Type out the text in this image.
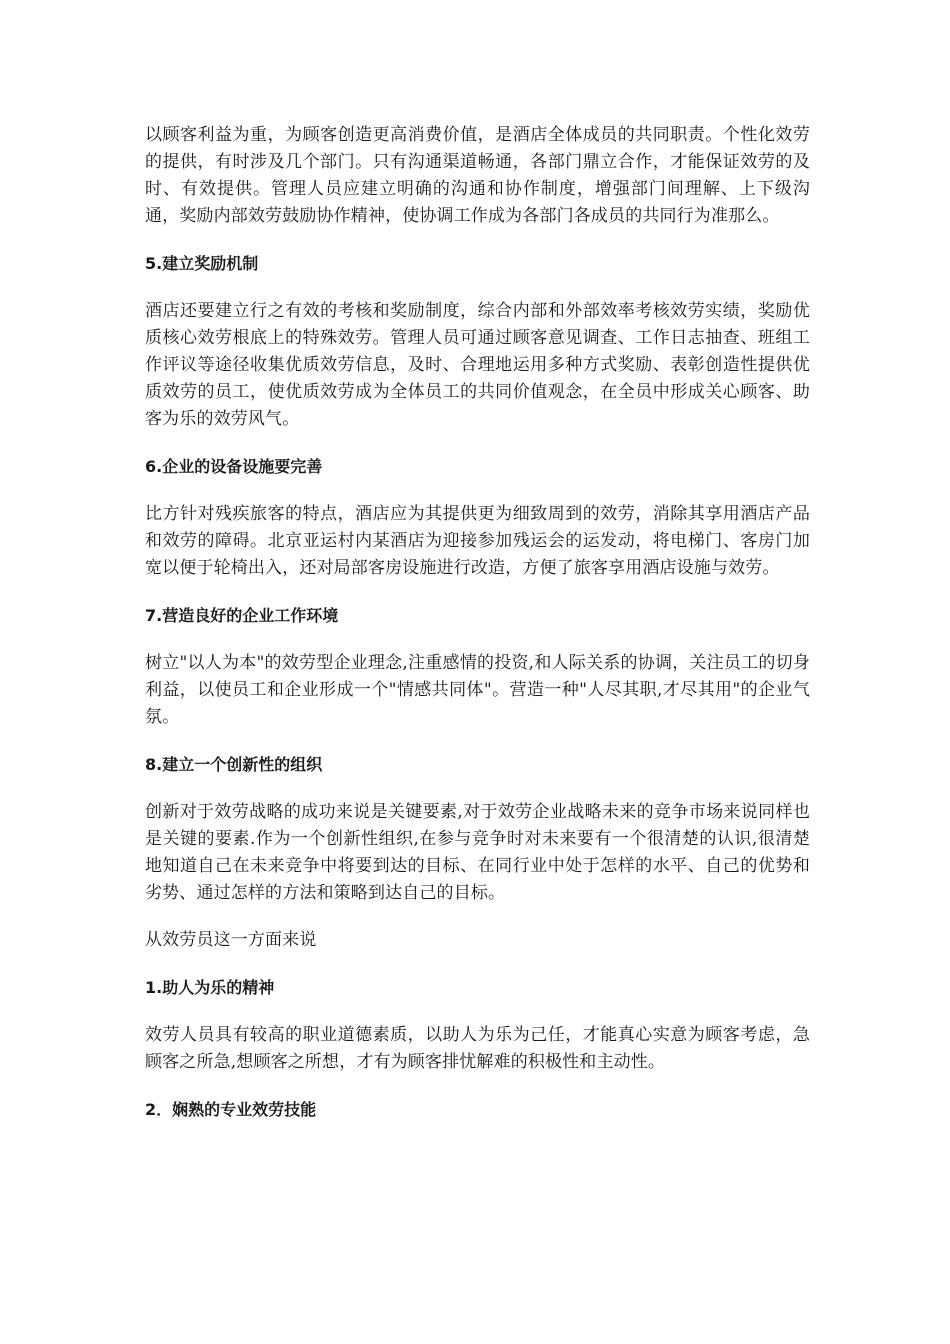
以顾客利益为重，为顾客创造更高消费价值，是酒店全体成员的共同职责。个性化效劳的提供，有时涉及几个部门。只有沟通渠道畅通，各部门鼎立合作，才能保证效劳的及时、有效提供。管理人员应建立明确的沟通和协作制度，增强部门间理解、上下级沟通，奖励内部效劳鼓励协作精神，使协调工作成为各部门各成员的共同行为准那么。

5.建立奖励机制

酒店还要建立行之有效的考核和奖励制度，综合内部和外部效率考核效劳实绩，奖励优质核心效劳根底上的特殊效劳。管理人员可通过顾客意见调查、工作日志抽查、班组工作评议等途径收集优质效劳信息，及时、合理地运用多种方式奖励、表彰创造性提供优质效劳的员工，使优质效劳成为全体员工的共同价值观念，在全员中形成关心顾客、助客为乐的效劳风气。

6.企业的设备设施要完善

比方针对残疾旅客的特点，酒店应为其提供更为细致周到的效劳，消除其享用酒店产品和效劳的障碍。北京亚运村内某酒店为迎接参加残运会的运发动，将电梯门、客房门加宽以便于轮椅出入，还对局部客房设施进行改造，方便了旅客享用酒店设施与效劳。

7.营造良好的企业工作环境

树立"以人为本"的效劳型企业理念,注重感情的投资,和人际关系的协调，关注员工的切身利益，以使员工和企业形成一个"情感共同体"。营造一种"人尽其职,才尽其用"的企业气氛。

8.建立一个创新性的组织

创新对于效劳战略的成功来说是关键要素,对于效劳企业战略未来的竞争市场来说同样也是关键的要素.作为一个创新性组织,在参与竞争时对未来要有一个很清楚的认识,很清楚地知道自己在未来竞争中将要到达的目标、在同行业中处于怎样的水平、自己的优势和劣势、通过怎样的方法和策略到达自己的目标。

从效劳员这一方面来说

1.助人为乐的精神

效劳人员具有较高的职业道德素质，以助人为乐为己任，才能真心实意为顾客考虑，急顾客之所急,想顾客之所想，才有为顾客排忧解难的积极性和主动性。

2．娴熟的专业效劳技能
